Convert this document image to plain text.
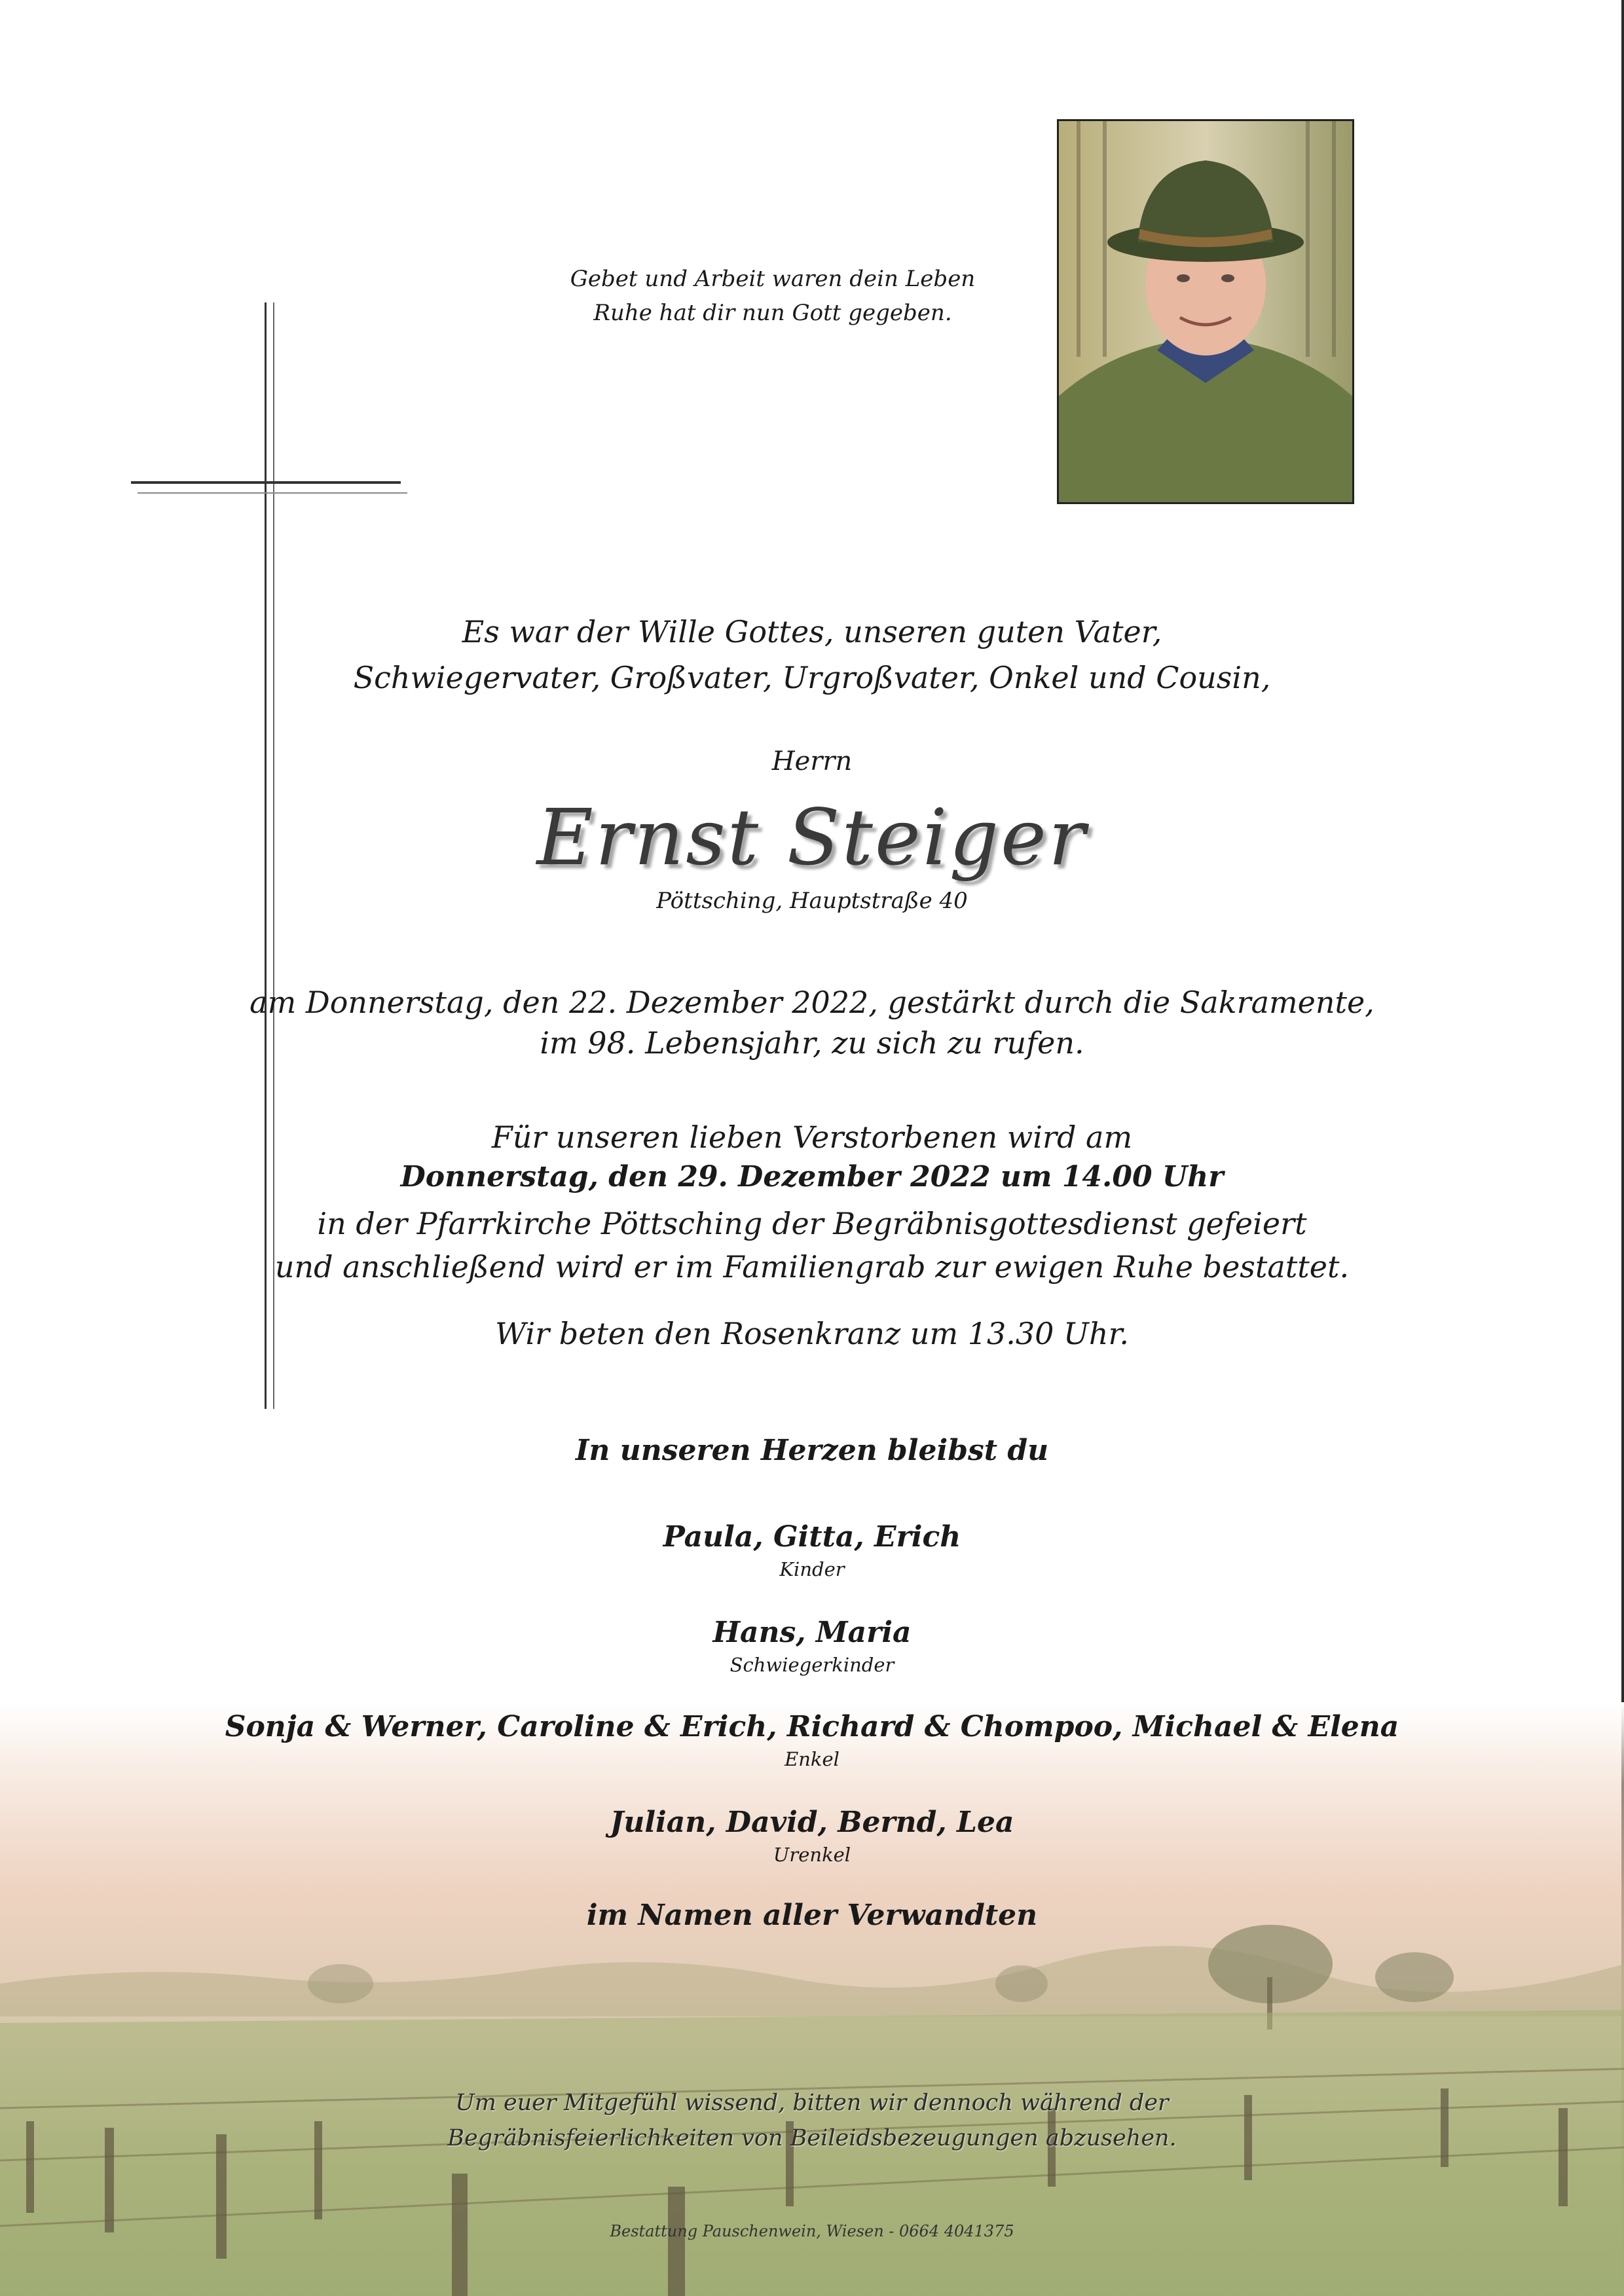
Gebet und Arbeit waren dein Leben
Ruhe hat dir nun Gott gegeben.
Es war der Wille Gottes, unseren guten Vater,
Schwiegervater, Großvater, Urgroßvater, Onkel und Cousin,
Herrn
Ernst Steiger
Pöttsching, Hauptstraße 40
am Donnerstag, den 22. Dezember 2022, gestärkt durch die Sakramente,
im 98. Lebensjahr, zu sich zu rufen.
Für unseren lieben Verstorbenen wird am
Donnerstag, den 29. Dezember 2022 um 14.00 Uhr
in der Pfarrkirche Pöttsching der Begräbnisgottesdienst gefeiert
und anschließend wird er im Familiengrab zur ewigen Ruhe bestattet.
Wir beten den Rosenkranz um 13.30 Uhr.
In unseren Herzen bleibst du
Paula, Gitta, Erich
Kinder
Hans, Maria
Schwiegerkinder
Sonja & Werner, Caroline & Erich, Richard & Chompoo, Michael & Elena
Enkel
Julian, David, Bernd, Lea
Urenkel
im Namen aller Verwandten
Um euer Mitgefühl wissend, bitten wir dennoch während der
Begräbnisfeierlichkeiten von Beileidsbezeugungen abzusehen.
Bestattung Pauschenwein, Wiesen - 0664 4041375
